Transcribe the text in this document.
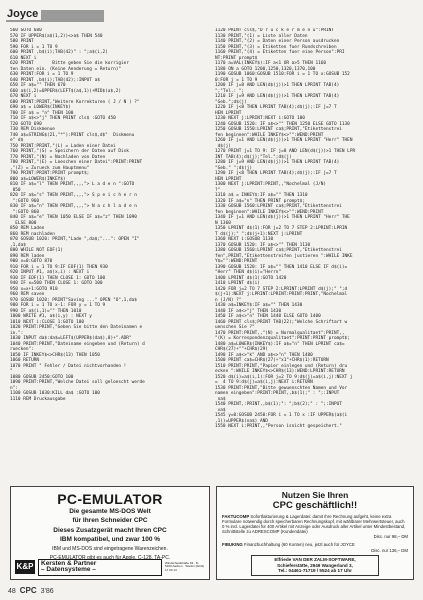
Joyce
560 GOTO 680
570 IF UPPER$(a$(1,2))<>a$ THEN 540
580 PRINT
590 FOR i = 1 TO 9
600 PRINT ,b$(i);TAB(42)" : ";a$(i,2)
610 NEXT i
620 PRINT       Bitte geben Sie die korrigier
ten Daten ein. (Keine Aenderung = Return)"
630 PRINT:FOR i = 1 TO 9
640 PRINT ,b$(i);TAB(42);:INPUT a$
650 IF a$="" THEN 670
660 a$(i,2)=UPPER$(LEFT$(a$,1))+MID$(a$,2)
670 NEXT i
680 PRINT:PRINT,"Weitere Korrekturen ( J / N ) ?"
690 a$ = LOWER$(INKEY$)
700 IF a$ = "n" THEN 100
710 IF a$<>"j" THEN PRINT cls$ :GOTO 450
720 GOTO 690
730 REM Diskmenue
740 a$=STRING$(21,"*"):PRINT cls$,d$"  Diskmenu
e" d$
750 PRINT:PRINT,"(L) = Laden einer Datei
760 PRINT,"(S) = Speichern der Daten auf Disk
770 PRINT,"(N) = Nachladen von Daten
780 PRINT,"(E) = Loeschen einer Datei":PRINT:PRINT
,"(Z) = Zurueck zum Hauptmenu"
790 PRINT:PRINT:PRINT prompt$;
800 a$=LOWER$(INKEY$)
810 IF a$="l" THEN PRINT,,,,"> L a d e n ":GOTO
850
820 IF a$="s" THEN PRINT,,,,"> S p e i c h e r n
":GOTO 960
830 IF a$="n" THEN PRINT,,,,"> N a c h l a d e n
":GOTO 860
840 IF a$="e" THEN 1050 ELSE IF a$="z" THEN 1090
ELSE 800
850 REM Laden
860 REM nachladen
870 GOSUB 1020: PRINT,"Lade ",da$;"...": OPEN "I"
,1,da$
880 WHILE NOT EOF(1)
890 REM laden
900 x=0:GOTO 870
910 FOR i = 1 TO 9:IF EOF(1) THEN 930
920 INPUT #1, a$(x,i) : NEXT i
930 IF EOF(1) THEN CLOSE 1: GOTO 100
940 IF x=500 THEN CLOSE 1: GOTO 100
950 x=x+1:GOTO 910
960 REM saven
970 GOSUB 1020: PRINT"Saving ..." OPEN "O",1,da$
980 FOR i = 1 TO x-1: FOR y = 1 TO 9
990 IF a$(i,1)="" THEN 1010
1000 WRITE #1, a$(i,y) : NEXT y
1010 NEXT i:CLOSE 1:GOTO 100
1020 PRINT:PRINT,"Geben Sie bitte den Dateinamen e
in.":
1030 INPUT da$:da$=LEFT$(UPPER$(da$),8)+".ADR"
1040 PRINT:PRINT,"Dateiname eingeben und (Return) d
ruecken":
1050 IF INKEY$<>CHR$(13) THEN 1050
1060 RETURN
1070 PRINT " Fehler / Datei nichtvorhanden !
"
1080 GOSUB 2450:GOTO 100
1090 PRINT:PRINT,"Welche Datei soll geloescht werde
n":
1100 GOSUB 1030:KILL da$ :GOTO 100
1110 REM Druckausgabe
1120 PRINT cls$,"D r u c k e r m e n u":PRINT
1130 PRINT,"(1) = Liste aller Daten
1140 PRINT,"(2) = Daten einer Person ausdrucken
1150 PRINT,"(3) = Etiketten fuer Rundschreiben
1160 PRINT,"(4) = Etiketten fuer eine Person":PRI
NT:PRINT prompt$
1170 a=VAL(INKEY$):IF a<1 OR a>5 THEN 1160
1180 ON a GOTO 1200,1250,1320,1370,100
1190 GOSUB 1060:GOSUB 1510:FOR i = 1 TO x:GOSUB 152
0:FOR j = 1 TO 9
1200 IF j=8 AND LEN(d$(j))>1 THEN LPRINT TAB(4)
";"Tel.: ";
1210 IF j=9 AND LEN(d$(j))>1 THEN LPRINT TAB(4)
"Geb.";d$(j)
1220 IF j<8 THEN LPRINT TAB(4);d$(j);:IF j=7 T
HEN LPRINT
1230 NEXT j:LPRINT:NEXT i:GOTO 100
1240 GOSUB 1520: IF a$<>"" THEN 1250 ELSE GOTO 1130
1250 GOSUB 1550:LPRINT ca$;PRINT,"Etikettenstrei
fen beginnen":WHILE INKEY$<>"":WEND:PRINT
1260 IF j=1 AND LEN(d$(j))>1 THEN LPRINT "Herr" THEN
d$(j)
1270 PRINT j=1 TO 9: IF j=8 AND LEN(d$(j))>1 THEN LPR
INT TAB(4);d$(j);"Tel.";d$(j)
1280 IF j=9 AND LEN(d$(j))>1 THEN LPRINT TAB(4)
"Geb." ";d$(j)
1290 IF j<8 THEN LPRINT TAB(4);d$(j);:IF j=7 T
HEN LPRINT
1300 NEXT j:LPRINT:PRINT,,"Nochelmal (J/N)
?"
1310 a$ = INKEY$:IF a$="" THEN 1310
1320 IF a$="n" THEN PRINT prompt$;
1330 GOSUB 1560:LPRINT ca$;PRINT,"Etikettenstrei
fen beginnen":WHILE INKEY$<>"":WEND:PRINT
1340 IF j=1 AND LEN(d$(j))>1 THEN LPRINT "Herr" THE
N 1360
1350 LPRINT d$(1):FOR j=2 TO 7 STEP 2:LPRINT:LPRIN
T d$(j);" ";d$(j+1):NEXT j:LPRINT
1360 NEXT i:GOSUB 1130
1370 GOSUB 1520: IF a$<>"" THEN 1130
1380 GOSUB 1560:LPRINT ca$;PRINT,"Etikettenstrei
fen",PRINT,"Etikettenstreifen justieren ":WHILE INKE
Y$="":WEND:PRINT
1390 GOSUB 1520: IF a$="" THEN 1410 ELSE IF d$(i)=
"Herr" THEN d$(i)="Herrn"
1400 LPRINT d$(1):GOTO 1420
1410 LPRINT d$(i)
1420 FOR j=2 TO 7 STEP 2:LPRINT:LPRINT d$(j);" ";d
$(j+1):NEXT j:LPRINT:LPRINT:PRINT:PRINT,"Nochelmal
n (J/N) ?"
1430 a$=INKEY$:IF a$="" THEN 1430
1440 IF a$<>"j" THEN 1430
1450 IF a$<>"n" THEN 1440 ELSE GOTO 1400
1460 PRINT cls$;PRINT TAB(22);"Welche Schriftart w
uenschen Sie ?"
1470 PRINT:PRINT,,"(N) = Normalqualitaet":PRINT,,
"(K) = Korrespondenzqualitaet":PRINT:PRINT prompt$;
1480 a$=LOWER$(INKEY$):IF a$="n" THEN LPRINT ca$=
CHR$(27)+""+CHR$(29)
1490 IF a$<>"k" AND a$<>"n" THEN 1480
1500 PRINT ca$=CHR$(27)+"x1"+CHR$(1):RETURN
1510 PRINT:PRINT,"Papier einlegen und (Return) dru
ecken ":WHILE INKEY$<>CHR$(13):WEND:LPRINT:RETURN
1520 d$(i)=a$(i,1):FOR j=2 TO 9:d$(j)=a$(i,j):NEXT j
=  4 TO 9:d$(j)=a$(i,j):NEXT i:RETURN
1530 PRINT:PRINT,"Bitte gewuenschten Namen und Vor
namen eingeben":PRINT:PRINT,,b$(1);" : ";:INPUT
na$
1540 PRINT,:PRINT,,b$(1);": ";b$(2);" : ";:INPUT
va$
1545 y=0:GOSUB 2450:FOR i = 1 TO x :IF UPPER$(a$(i
,1))=UPPER$(na$) AND
1550 NEXT i:PRINT,,"Person isnicht gespeichert."
PC-EMULATOR
Die gesamte MS-DOS Welt
für Ihren Schneider CPC
Dieses Zusatzgerät macht Ihren CPC
IBM kompatibel, und zwar 100 %
IBM und MS-DOS sind eingetragene Warenzeichen.
PC-EMULATOR gibt es auch für Apple, C-128, TA-PC.
K&P Kersten & Partner
– Datensysteme –
Windscheidstraße 63 · D-5100 Aachen · Telefon (0241) 17 00 14
Nutzen Sie Ihren
CPC geschäftlich!!
FAKTUCOMP Sofortfakturierung & Lagerdatei: damit Ihre Rechnung aufgeht, keine extra Formulare notwendig durch speicherbaren Rechnungskopf, mit wählbarer Mehrwertsteuer, auch 0 % incl. Lagerdatei für 400 Artikel mit Anzeige oder Ausdruck aller Artikel unter Mindestbestand, Schnittstelle zu ADRESCOMP (Kundendatei)
Disc. nur 98,– DM
FIBUKING Finanzbuchhaltung (60 Konten) neu, jetzt auch für JOYCE
Disc. nur 136,– DM
Elfriede VAN DER ZALM-SOFTWARE,
Schieferstätte, 2949 Wangerland 3,
Tel.: 04461-71719 / 5524 ab 17 Uhr
48 CPC 3'86
